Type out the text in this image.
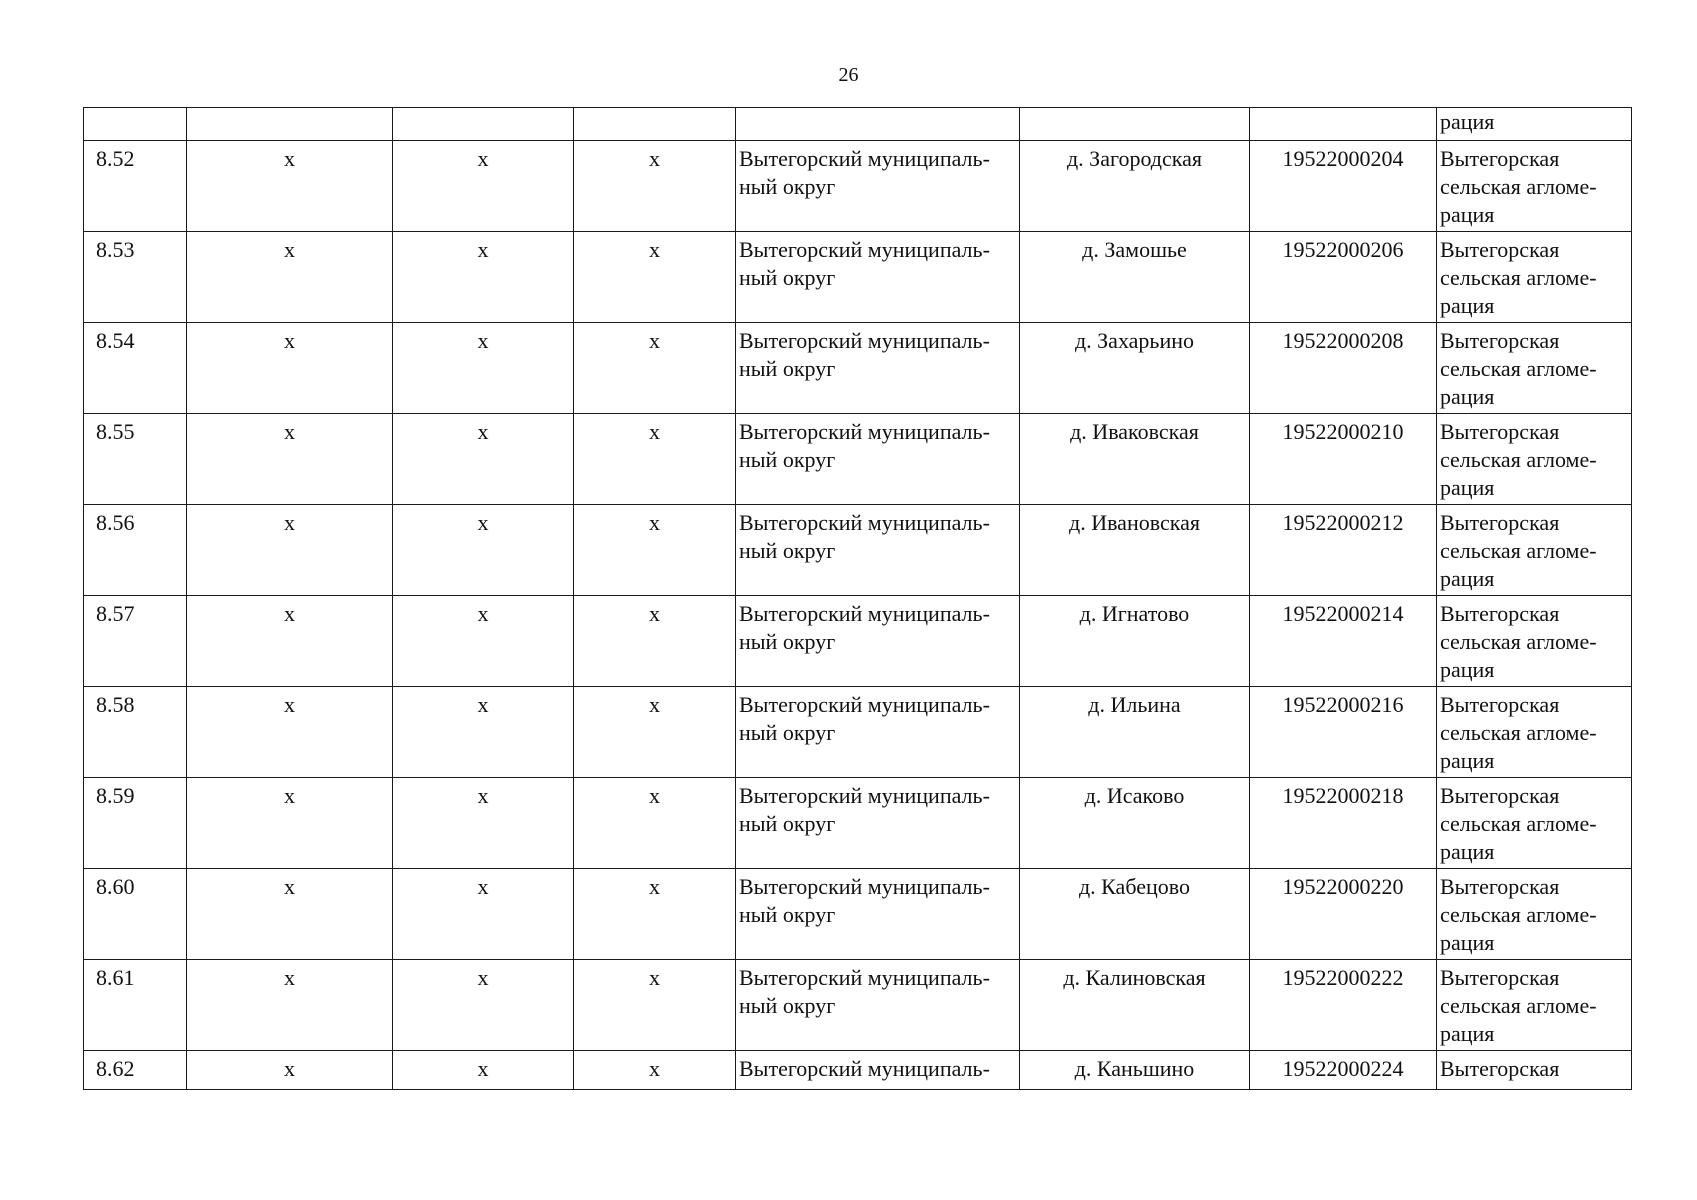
26
							рация
8.52	x	x	x	Вытегорский муниципаль-ный округ	д. Загородская	19522000204	Вытегорская сельская агломе-рация
8.53	x	x	x	Вытегорский муниципаль-ный округ	д. Замошье	19522000206	Вытегорская сельская агломе-рация
8.54	x	x	x	Вытегорский муниципаль-ный округ	д. Захарьино	19522000208	Вытегорская сельская агломе-рация
8.55	x	x	x	Вытегорский муниципаль-ный округ	д. Иваковская	19522000210	Вытегорская сельская агломе-рация
8.56	x	x	x	Вытегорский муниципаль-ный округ	д. Ивановская	19522000212	Вытегорская сельская агломе-рация
8.57	x	x	x	Вытегорский муниципаль-ный округ	д. Игнатово	19522000214	Вытегорская сельская агломе-рация
8.58	x	x	x	Вытегорский муниципаль-ный округ	д. Ильина	19522000216	Вытегорская сельская агломе-рация
8.59	x	x	x	Вытегорский муниципаль-ный округ	д. Исаково	19522000218	Вытегорская сельская агломе-рация
8.60	x	x	x	Вытегорский муниципаль-ный округ	д. Кабецово	19522000220	Вытегорская сельская агломе-рация
8.61	x	x	x	Вытегорский муниципаль-ный округ	д. Калиновская	19522000222	Вытегорская сельская агломе-рация
8.62	x	x	x	Вытегорский муниципаль-	д. Каньшино	19522000224	Вытегорская
